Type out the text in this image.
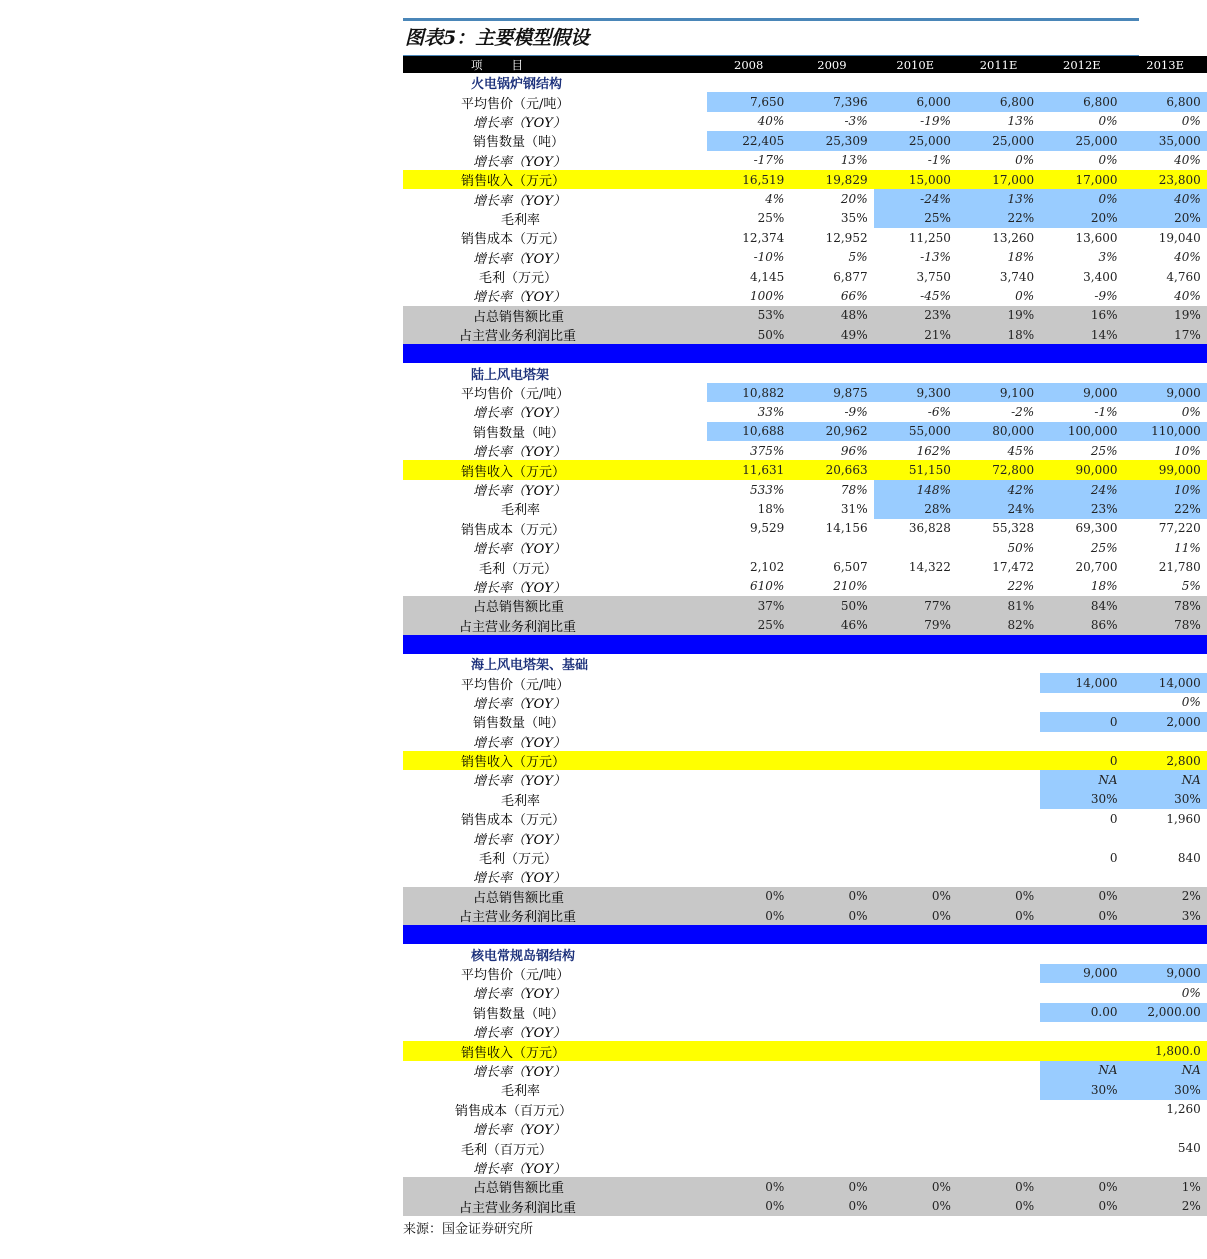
图表5：主要模型假设
项　　目	2008	2009	2010E	2011E	2012E	2013E
火电锅炉钢结构						
平均售价（元/吨）	7,650	7,396	6,000	6,800	6,800	6,800
增长率（YOY）	40%	-3%	-19%	13%	0%	0%
销售数量（吨）	22,405	25,309	25,000	25,000	25,000	35,000
增长率（YOY）	-17%	13%	-1%	0%	0%	40%
销售收入（万元）	16,519	19,829	15,000	17,000	17,000	23,800
增长率（YOY）	4%	20%	-24%	13%	0%	40%
毛利率	25%	35%	25%	22%	20%	20%
销售成本（万元）	12,374	12,952	11,250	13,260	13,600	19,040
增长率（YOY）	-10%	5%	-13%	18%	3%	40%
毛利（万元）	4,145	6,877	3,750	3,740	3,400	4,760
增长率（YOY）	100%	66%	-45%	0%	-9%	40%
占总销售额比重	53%	48%	23%	19%	16%	19%
占主营业务利润比重	50%	49%	21%	18%	14%	17%

陆上风电塔架						
平均售价（元/吨）	10,882	9,875	9,300	9,100	9,000	9,000
增长率（YOY）	33%	-9%	-6%	-2%	-1%	0%
销售数量（吨）	10,688	20,962	55,000	80,000	100,000	110,000
增长率（YOY）	375%	96%	162%	45%	25%	10%
销售收入（万元）	11,631	20,663	51,150	72,800	90,000	99,000
增长率（YOY）	533%	78%	148%	42%	24%	10%
毛利率	18%	31%	28%	24%	23%	22%
销售成本（万元）	9,529	14,156	36,828	55,328	69,300	77,220
增长率（YOY）				50%	25%	11%
毛利（万元）	2,102	6,507	14,322	17,472	20,700	21,780
增长率（YOY）	610%	210%		22%	18%	5%
占总销售额比重	37%	50%	77%	81%	84%	78%
占主营业务利润比重	25%	46%	79%	82%	86%	78%

海上风电塔架、基础						
平均售价（元/吨）					14,000	14,000
增长率（YOY）						0%
销售数量（吨）					0	2,000
增长率（YOY）						
销售收入（万元）					0	2,800
增长率（YOY）					NA	NA
毛利率					30%	30%
销售成本（万元）					0	1,960
增长率（YOY）						
毛利（万元）					0	840
增长率（YOY）						
占总销售额比重	0%	0%	0%	0%	0%	2%
占主营业务利润比重	0%	0%	0%	0%	0%	3%

核电常规岛钢结构						
平均售价（元/吨）					9,000	9,000
增长率（YOY）						0%
销售数量（吨）					0.00	2,000.00
增长率（YOY）						
销售收入（万元）						1,800.0
增长率（YOY）					NA	NA
毛利率					30%	30%
销售成本（百万元）						1,260
增长率（YOY）						
毛利（百万元）						540
增长率（YOY）						
占总销售额比重	0%	0%	0%	0%	0%	1%
占主营业务利润比重	0%	0%	0%	0%	0%	2%
来源：国金证券研究所
